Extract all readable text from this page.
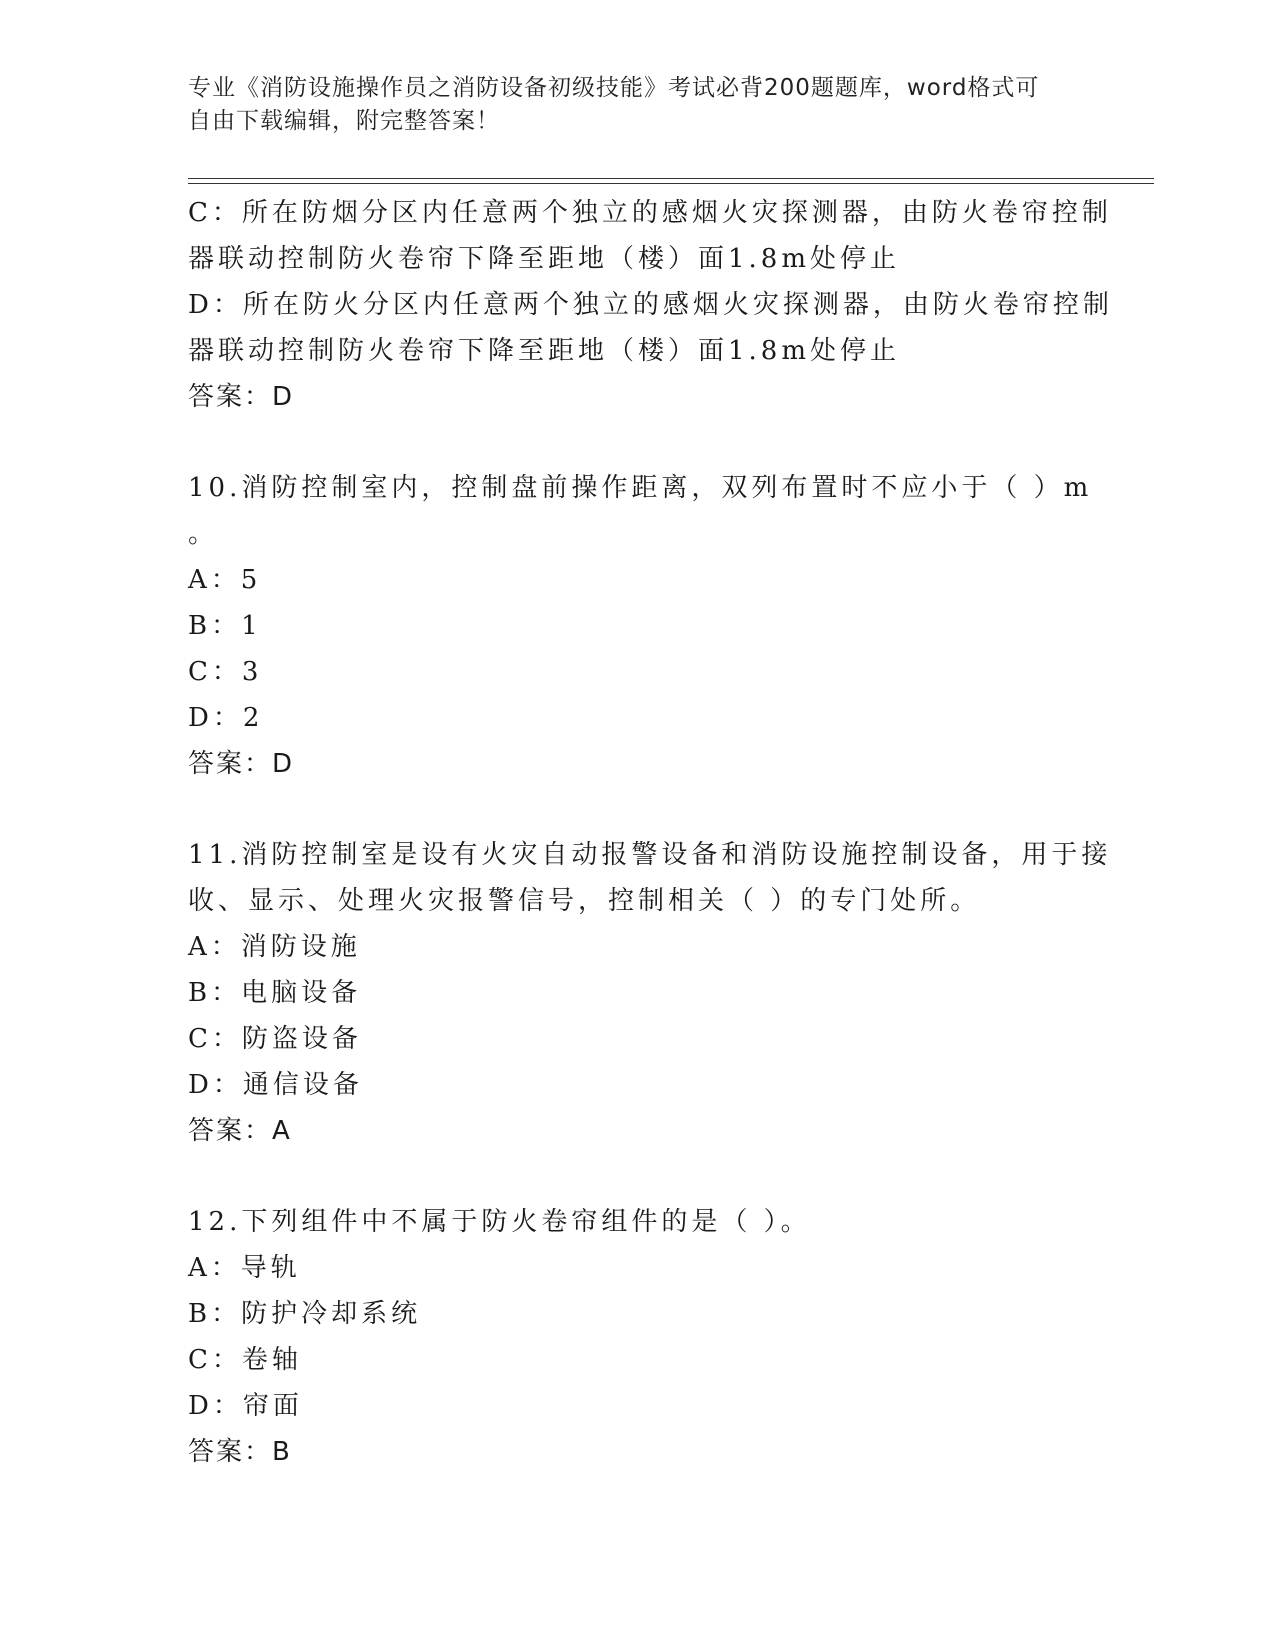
专业《消防设施操作员之消防设备初级技能》考试必背200题题库，word格式可
自由下载编辑，附完整答案！
C：所在防烟分区内任意两个独立的感烟火灾探测器，由防火卷帘控制
器联动控制防火卷帘下降至距地（楼）面1.8m处停止
D：所在防火分区内任意两个独立的感烟火灾探测器，由防火卷帘控制
器联动控制防火卷帘下降至距地（楼）面1.8m处停止
答案：D
10.消防控制室内，控制盘前操作距离，双列布置时不应小于（ ）m
。
A：5
B：1
C：3
D：2
答案：D
11.消防控制室是设有火灾自动报警设备和消防设施控制设备，用于接
收、显示、处理火灾报警信号，控制相关（ ）的专门处所。
A：消防设施
B：电脑设备
C：防盗设备
D：通信设备
答案：A
12.下列组件中不属于防火卷帘组件的是（ ）。
A：导轨
B：防护冷却系统
C：卷轴
D：帘面
答案：B
